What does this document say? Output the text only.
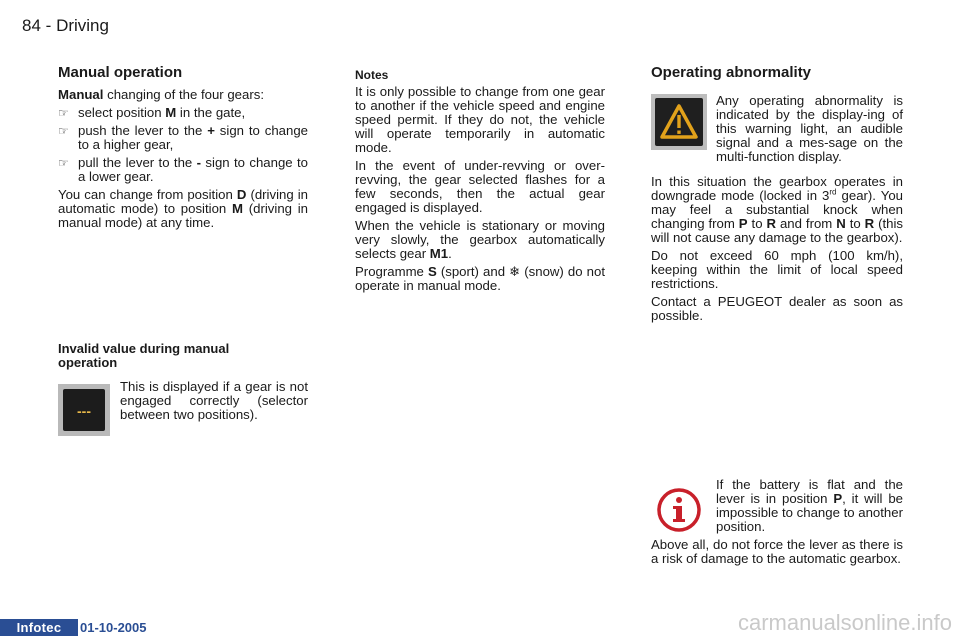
84 - Driving
Manual operation

Manual changing of the four gears:

☞ select position M in the gate,
☞ push the lever to the + sign to change to a higher gear,
☞ pull the lever to the - sign to change to a lower gear.

You can change from position D (driving in automatic mode) to position M (driving in manual mode) at any time.

Invalid value during manual operation
---
This is displayed if a gear is not engaged correctly (selector between two positions).
Notes

It is only possible to change from one gear to another if the vehicle speed and engine speed permit. If they do not, the vehicle will operate temporarily in automatic mode.

In the event of under-revving or over-revving, the gear selected flashes for a few seconds, then the actual gear engaged is displayed.

When the vehicle is stationary or moving very slowly, the gearbox automatically selects gear M1.

Programme S (sport) and ❄ (snow) do not operate in manual mode.

Operating abnormality
Any operating abnormality is indicated by the display-ing of this warning light, an audible signal and a mes-sage on the multi-function display.

In this situation the gearbox operates in downgrade mode (locked in 3rd gear). You may feel a substantial knock when changing from P to R and from N to R (this will not cause any damage to the gearbox).

Do not exceed 60 mph (100 km/h), keeping within the limit of local speed restrictions.

Contact a PEUGEOT dealer as soon as possible.

If the battery is flat and the lever is in position P, it will be impossible to change to another position.
Above all, do not force the lever as there is a risk of damage to the automatic gearbox.
Infotec	01-10-2005	carmanualsonline.info
